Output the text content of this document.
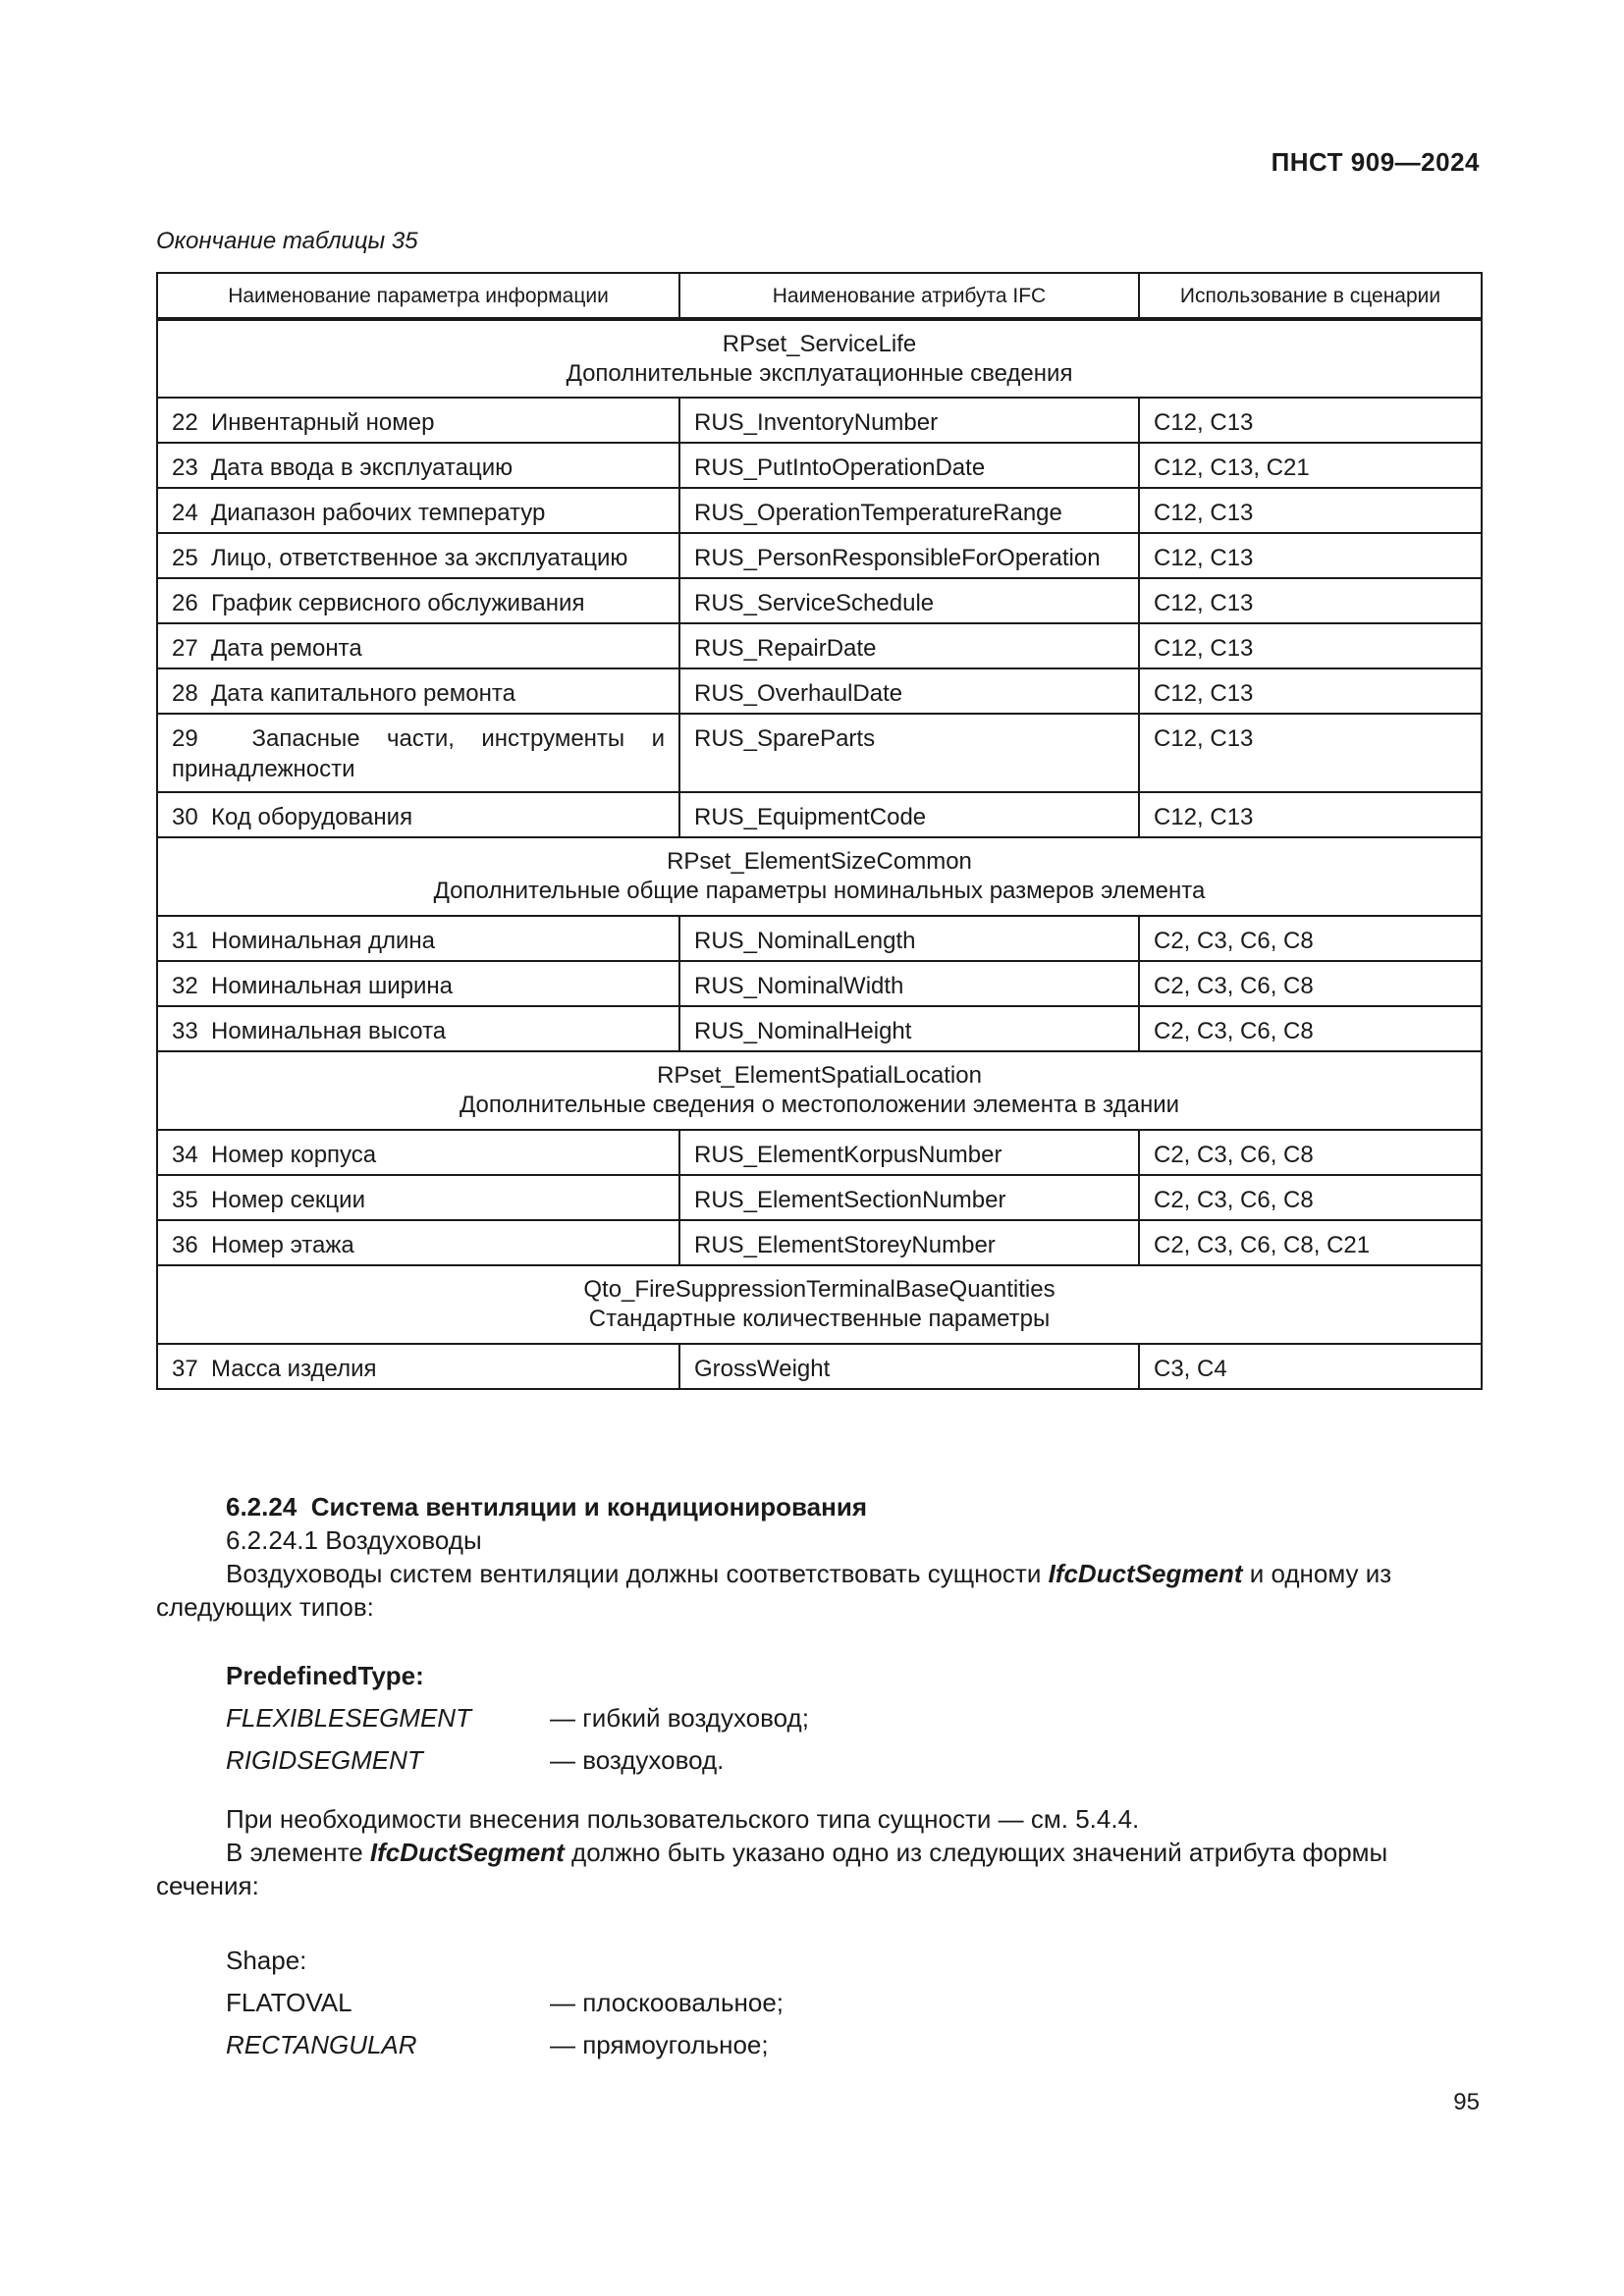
ПНСТ 909—2024
Окончание таблицы 35
Наименование параметра информации	Наименование атрибута IFC	Использование в сценарии

RPset_ServiceLife
Дополнительные эксплуатационные сведения		

22  Инвентарный номер	RUS_InventoryNumber	C12, C13
23  Дата ввода в эксплуатацию	RUS_PutIntoOperationDate	C12, C13, C21
24  Диапазон рабочих температур	RUS_OperationTemperatureRange	C12, C13
25  Лицо, ответственное за эксплуатацию	RUS_PersonResponsibleForOperation	C12, C13
26  График сервисного обслуживания	RUS_ServiceSchedule	C12, C13
27  Дата ремонта	RUS_RepairDate	C12, C13
28  Дата капитального ремонта	RUS_OverhaulDate	C12, C13
29  Запасные части, инструменты и принадлежности	RUS_SpareParts	C12, C13
30  Код оборудования	RUS_EquipmentCode	C12, C13

RPset_ElementSizeCommon
Дополнительные общие параметры номинальных размеров элемента		

31  Номинальная длина	RUS_NominalLength	C2, C3, C6, C8
32  Номинальная ширина	RUS_NominalWidth	C2, C3, C6, C8
33  Номинальная высота	RUS_NominalHeight	C2, C3, C6, C8

RPset_ElementSpatialLocation
Дополнительные сведения о местоположении элемента в здании		

34  Номер корпуса	RUS_ElementKorpusNumber	C2, C3, C6, C8
35  Номер секции	RUS_ElementSectionNumber	C2, C3, C6, C8
36  Номер этажа	RUS_ElementStoreyNumber	C2, C3, C6, C8, C21

Qto_FireSuppressionTerminalBaseQuantities
Стандартные количественные параметры		

37  Масса изделия	GrossWeight	C3, C4
6.2.24 Система вентиляции и кондиционирования
6.2.24.1 Воздуховоды
Воздуховоды систем вентиляции должны соответствовать сущности IfcDuctSegment и одному из
следующих типов:
PredefinedType:
FLEXIBLESEGMENT	— гибкий воздуховод;
RIGIDSEGMENT	— воздуховод.
При необходимости внесения пользовательского типа сущности — см. 5.4.4.
В элементе IfcDuctSegment должно быть указано одно из следующих значений атрибута формы
сечения:
Shape:
FLATOVAL	— плоскоовальное;
RECTANGULAR	— прямоугольное;
95
